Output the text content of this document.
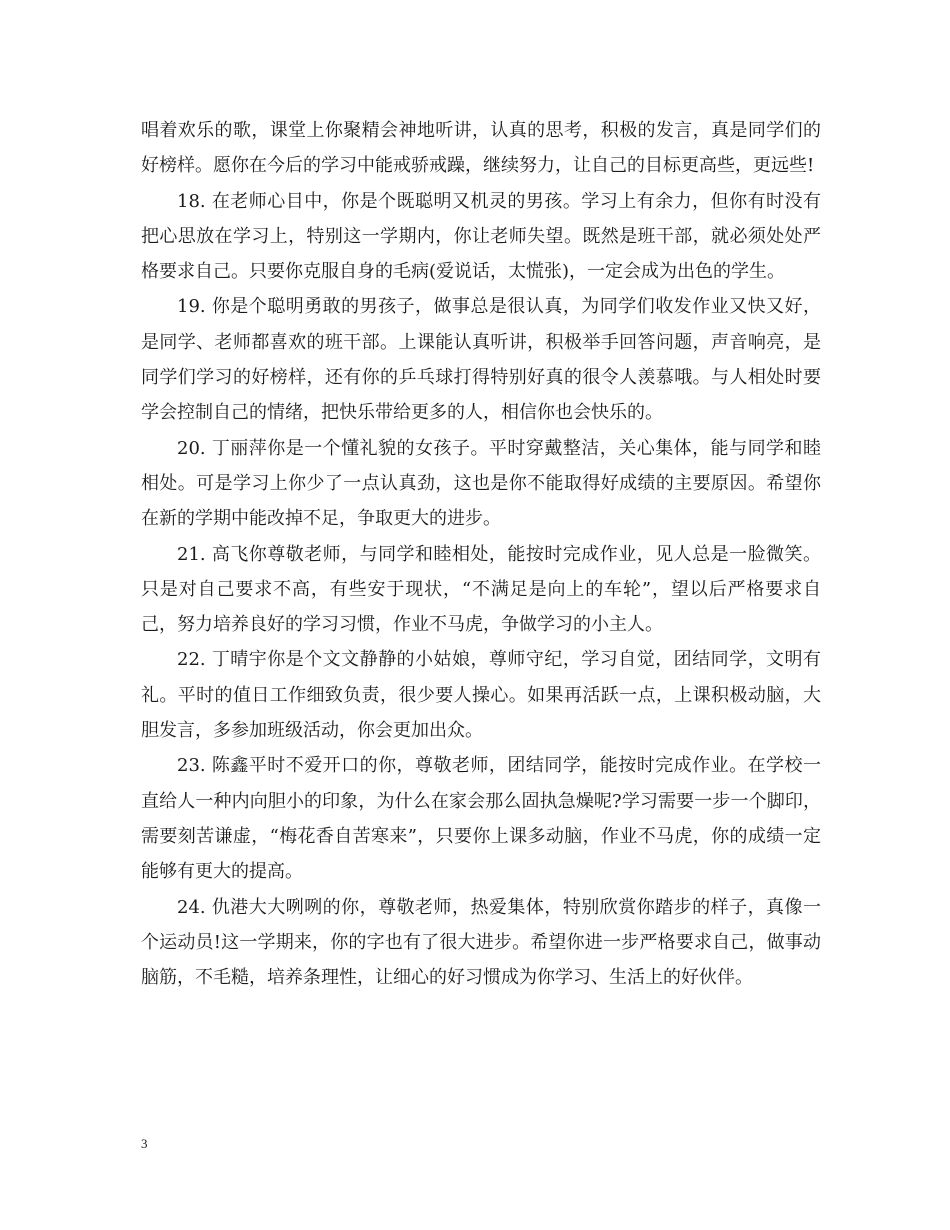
唱着欢乐的歌，课堂上你聚精会神地听讲，认真的思考，积极的发言，真是同学们的好榜样。愿你在今后的学习中能戒骄戒躁，继续努力，让自己的目标更高些，更远些!

18. 在老师心目中，你是个既聪明又机灵的男孩。学习上有余力，但你有时没有把心思放在学习上，特别这一学期内，你让老师失望。既然是班干部，就必须处处严格要求自己。只要你克服自身的毛病(爱说话，太慌张)，一定会成为出色的学生。

19. 你是个聪明勇敢的男孩子，做事总是很认真，为同学们收发作业又快又好，是同学、老师都喜欢的班干部。上课能认真听讲，积极举手回答问题，声音响亮，是同学们学习的好榜样，还有你的乒乓球打得特别好真的很令人羡慕哦。与人相处时要学会控制自己的情绪，把快乐带给更多的人，相信你也会快乐的。

20. 丁丽萍你是一个懂礼貌的女孩子。平时穿戴整洁，关心集体，能与同学和睦相处。可是学习上你少了一点认真劲，这也是你不能取得好成绩的主要原因。希望你在新的学期中能改掉不足，争取更大的进步。

21. 高飞你尊敬老师，与同学和睦相处，能按时完成作业，见人总是一脸微笑。只是对自己要求不高，有些安于现状，“不满足是向上的车轮”，望以后严格要求自己，努力培养良好的学习习惯，作业不马虎，争做学习的小主人。

22. 丁晴宇你是个文文静静的小姑娘，尊师守纪，学习自觉，团结同学，文明有礼。平时的值日工作细致负责，很少要人操心。如果再活跃一点，上课积极动脑，大胆发言，多参加班级活动，你会更加出众。

23. 陈鑫平时不爱开口的你，尊敬老师，团结同学，能按时完成作业。在学校一直给人一种内向胆小的印象，为什么在家会那么固执急燥呢?学习需要一步一个脚印，需要刻苦谦虚，“梅花香自苦寒来”，只要你上课多动脑，作业不马虎，你的成绩一定能够有更大的提高。

24. 仇港大大咧咧的你，尊敬老师，热爱集体，特别欣赏你踏步的样子，真像一个运动员!这一学期来，你的字也有了很大进步。希望你进一步严格要求自己，做事动脑筋，不毛糙，培养条理性，让细心的好习惯成为你学习、生活上的好伙伴。

3
